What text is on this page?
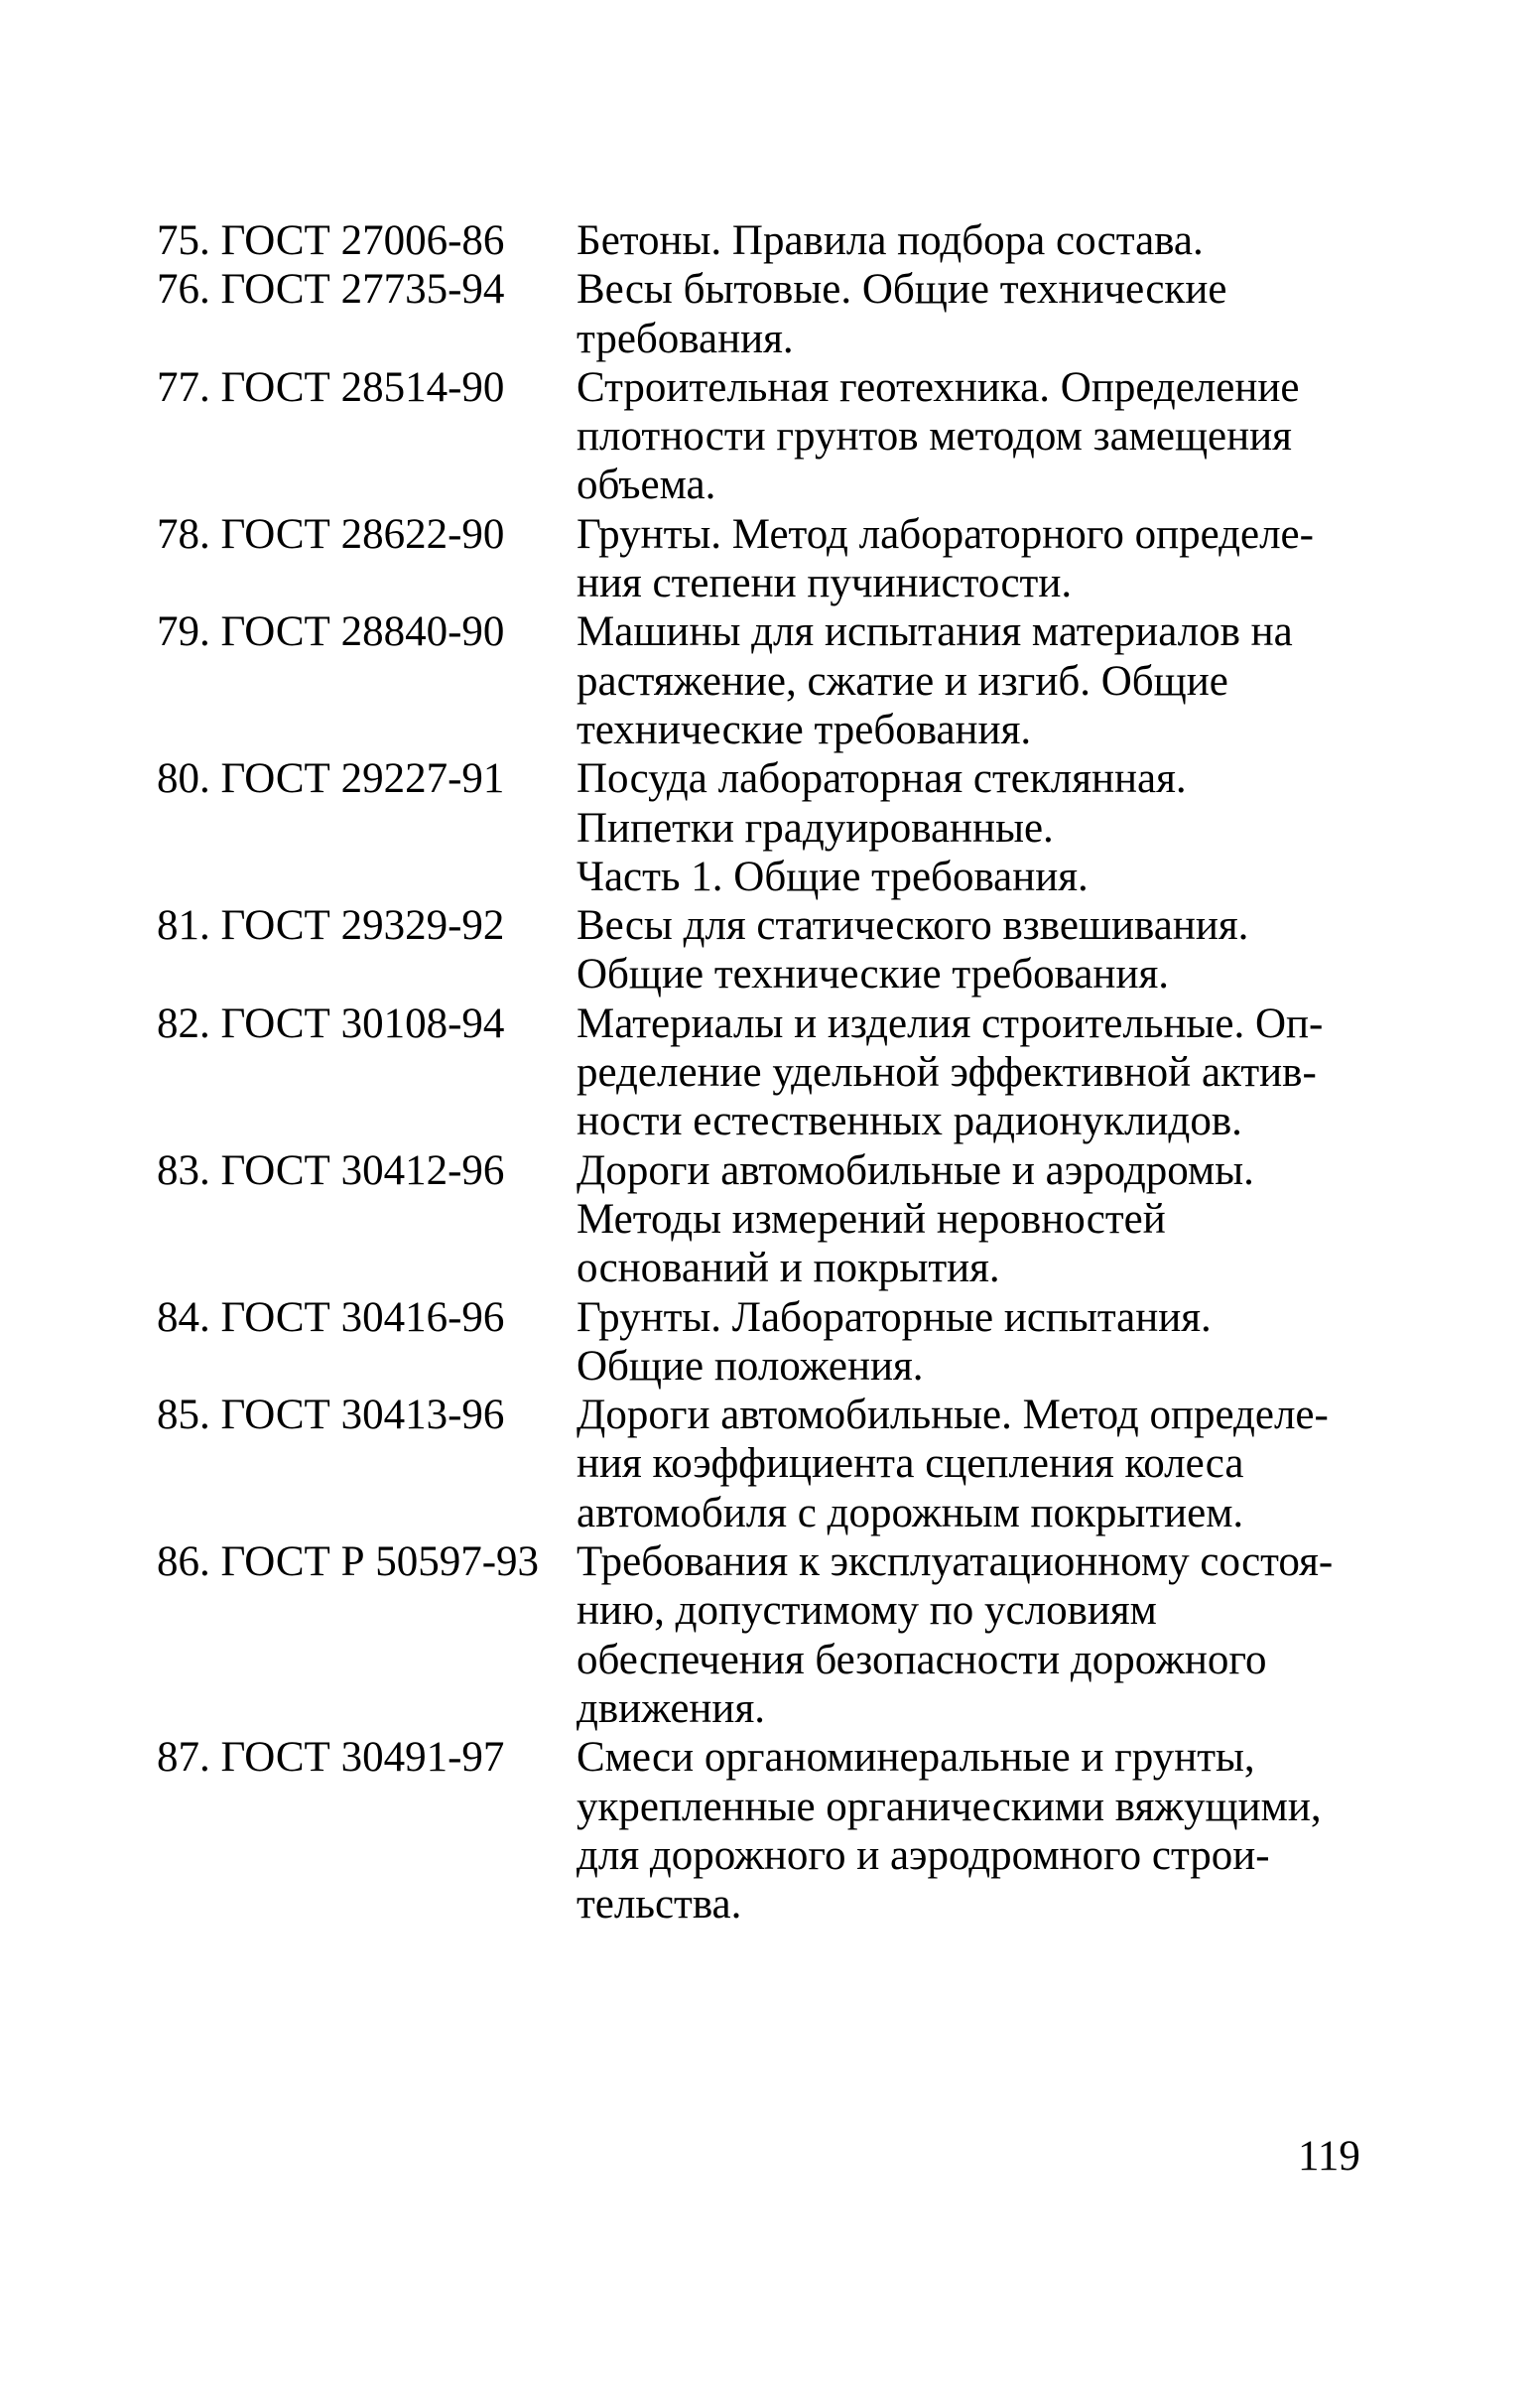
75. ГОСТ 27006-86	Бетоны. Правила подбора состава.
76. ГОСТ 27735-94	Весы бытовые. Общие технические
требования.
77. ГОСТ 28514-90	Строительная геотехника. Определение
плотности грунтов методом замещения
объема.
78. ГОСТ 28622-90	Грунты. Метод лабораторного определе-
ния степени пучинистости.
79. ГОСТ 28840-90	Машины для испытания материалов на
растяжение, сжатие и изгиб. Общие
технические требования.
80. ГОСТ 29227-91	Посуда лабораторная стеклянная.
Пипетки градуированные.
Часть 1. Общие требования.
81. ГОСТ 29329-92	Весы для статического взвешивания.
Общие технические требования.
82. ГОСТ 30108-94	Материалы и изделия строительные. Оп-
ределение удельной эффективной актив-
ности естественных радионуклидов.
83. ГОСТ 30412-96	Дороги автомобильные и аэродромы.
Методы измерений неровностей
оснований и покрытия.
84. ГОСТ 30416-96	Грунты. Лабораторные испытания.
Общие положения.
85. ГОСТ 30413-96	Дороги автомобильные. Метод определе-
ния коэффициента сцепления колеса
автомобиля с дорожным покрытием.
86. ГОСТ Р 50597-93 Требования к эксплуатационному состоя-
нию, допустимому по условиям
обеспечения безопасности дорожного
движения.
87. ГОСТ 30491-97	Смеси органоминеральные и грунты,
укрепленные органическими вяжущими,
для дорожного и аэродромного строи-
тельства.
119
